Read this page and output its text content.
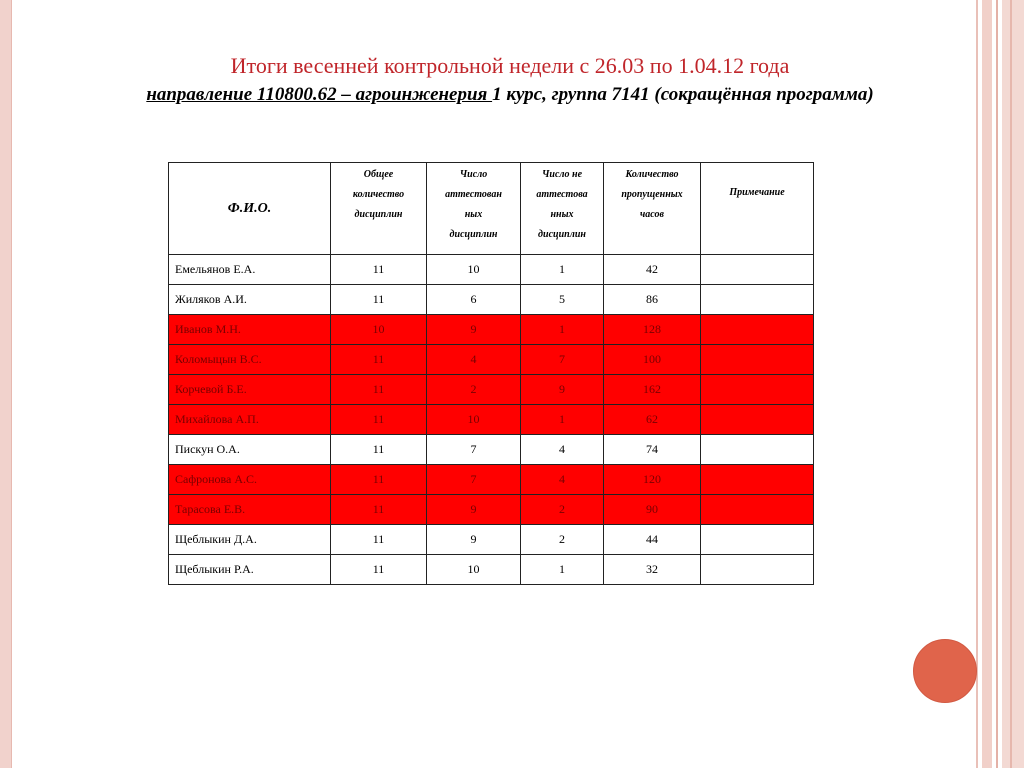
Итоги весенней контрольной недели с 26.03 по 1.04.12 года
направление 110800.62 – агроинженерия 1 курс, группа 7141 (сокращённая программа)
Ф.И.О.	Общее
количество
дисциплин	Число
аттестован
ных
дисциплин	Число не
аттестова
нных
дисциплин	Количество
пропущенных
часов	Примечание
Емельянов Е.А.	11	10	1	42	
Жиляков А.И.	11	6	5	86	
Иванов М.Н.	10	9	1	128	
Коломыцын В.С.	11	4	7	100	
Корчевой Б.Е.	11	2	9	162	
Михайлова А.П.	11	10	1	62	
Пискун О.А.	11	7	4	74	
Сафронова А.С.	11	7	4	120	
Тарасова Е.В.	11	9	2	90	
Щеблыкин Д.А.	11	9	2	44	
Щеблыкин Р.А.	11	10	1	32	
